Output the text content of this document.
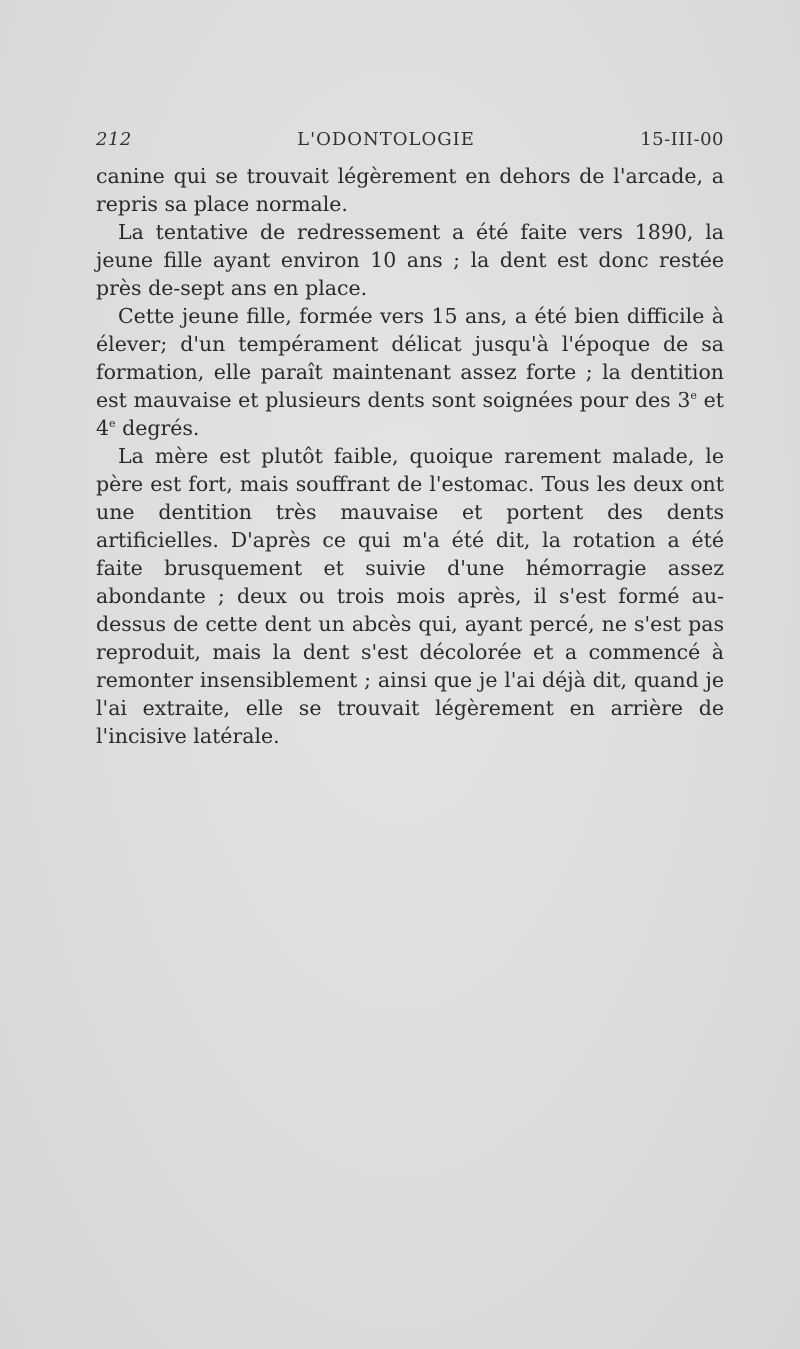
212	L'ODONTOLOGIE	15-III-00

canine qui se trouvait légèrement en dehors de l'arcade, a repris sa place normale.

La tentative de redressement a été faite vers 1890, la jeune fille ayant environ 10 ans ; la dent est donc restée près de-sept ans en place.

Cette jeune fille, formée vers 15 ans, a été bien difficile à élever; d'un tempérament délicat jusqu'à l'époque de sa formation, elle paraît maintenant assez forte ; la dentition est mauvaise et plusieurs dents sont soignées pour des 3e et 4e degrés.

La mère est plutôt faible, quoique rarement malade, le père est fort, mais souffrant de l'estomac. Tous les deux ont une dentition très mauvaise et portent des dents artificielles. D'après ce qui m'a été dit, la rotation a été faite brusquement et suivie d'une hémorragie assez abondante ; deux ou trois mois après, il s'est formé au-dessus de cette dent un abcès qui, ayant percé, ne s'est pas reproduit, mais la dent s'est décolorée et a commencé à remonter insensiblement ; ainsi que je l'ai déjà dit, quand je l'ai extraite, elle se trouvait légèrement en arrière de l'incisive latérale.
